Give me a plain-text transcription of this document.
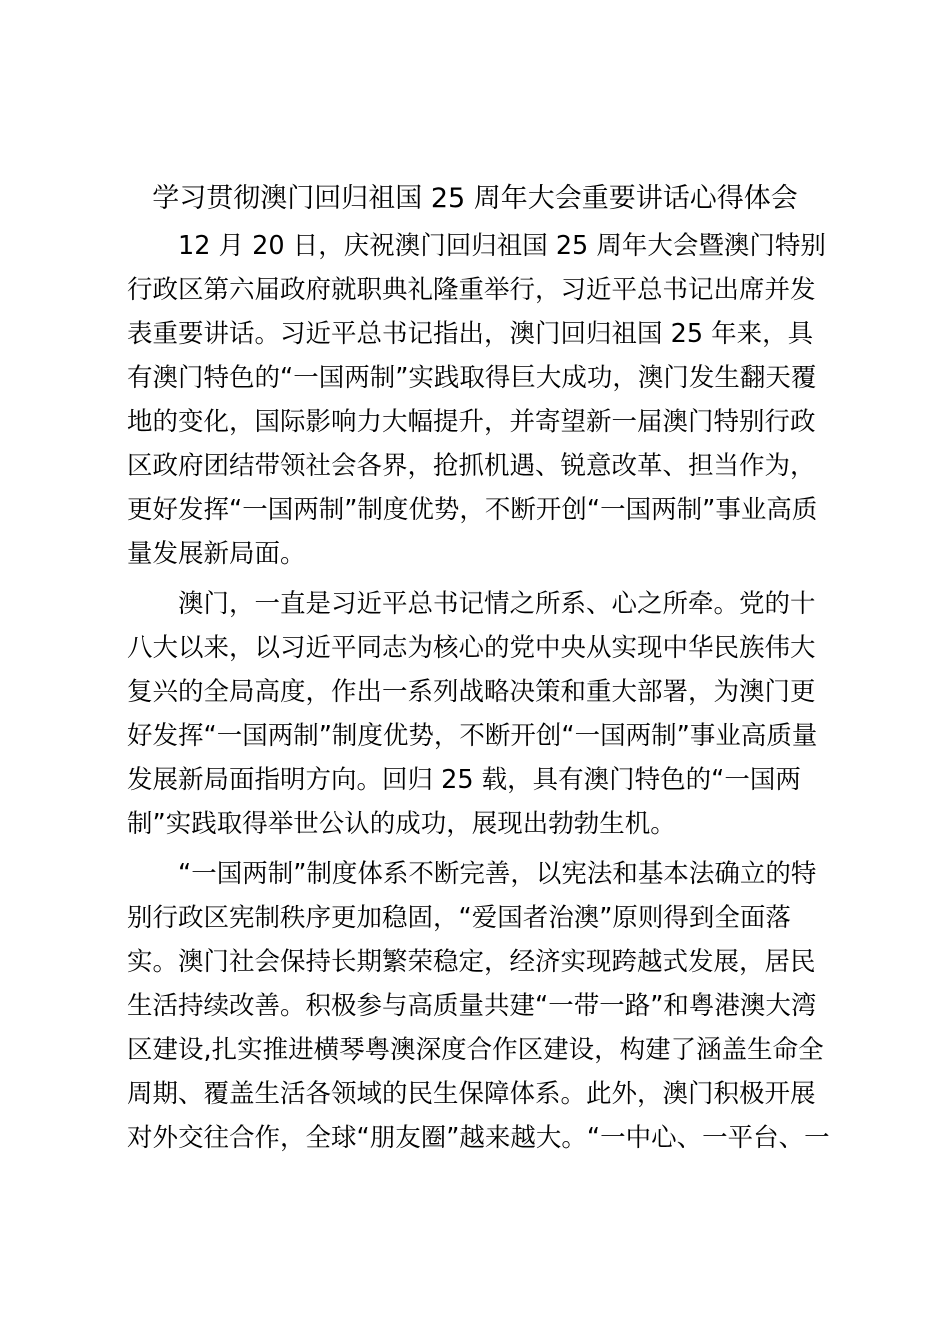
学习贯彻澳门回归祖国 25 周年大会重要讲话心得体会
12 月 20 日，庆祝澳门回归祖国 25 周年大会暨澳门特别
行政区第六届政府就职典礼隆重举行，习近平总书记出席并发
表重要讲话。习近平总书记指出，澳门回归祖国 25 年来，具
有澳门特色的“一国两制”实践取得巨大成功，澳门发生翻天覆
地的变化，国际影响力大幅提升，并寄望新一届澳门特别行政
区政府团结带领社会各界，抢抓机遇、锐意改革、担当作为，
更好发挥“一国两制”制度优势，不断开创“一国两制”事业高质
量发展新局面。
澳门，一直是习近平总书记情之所系、心之所牵。党的十
八大以来，以习近平同志为核心的党中央从实现中华民族伟大
复兴的全局高度，作出一系列战略决策和重大部署，为澳门更
好发挥“一国两制”制度优势，不断开创“一国两制”事业高质量
发展新局面指明方向。回归 25 载，具有澳门特色的“一国两
制”实践取得举世公认的成功，展现出勃勃生机。
“一国两制”制度体系不断完善，以宪法和基本法确立的特
别行政区宪制秩序更加稳固，“爱国者治澳”原则得到全面落
实。澳门社会保持长期繁荣稳定，经济实现跨越式发展，居民
生活持续改善。积极参与高质量共建“一带一路”和粤港澳大湾
区建设,扎实推进横琴粤澳深度合作区建设，构建了涵盖生命全
周期、覆盖生活各领域的民生保障体系。此外，澳门积极开展
对外交往合作，全球“朋友圈”越来越大。“一中心、一平台、一
